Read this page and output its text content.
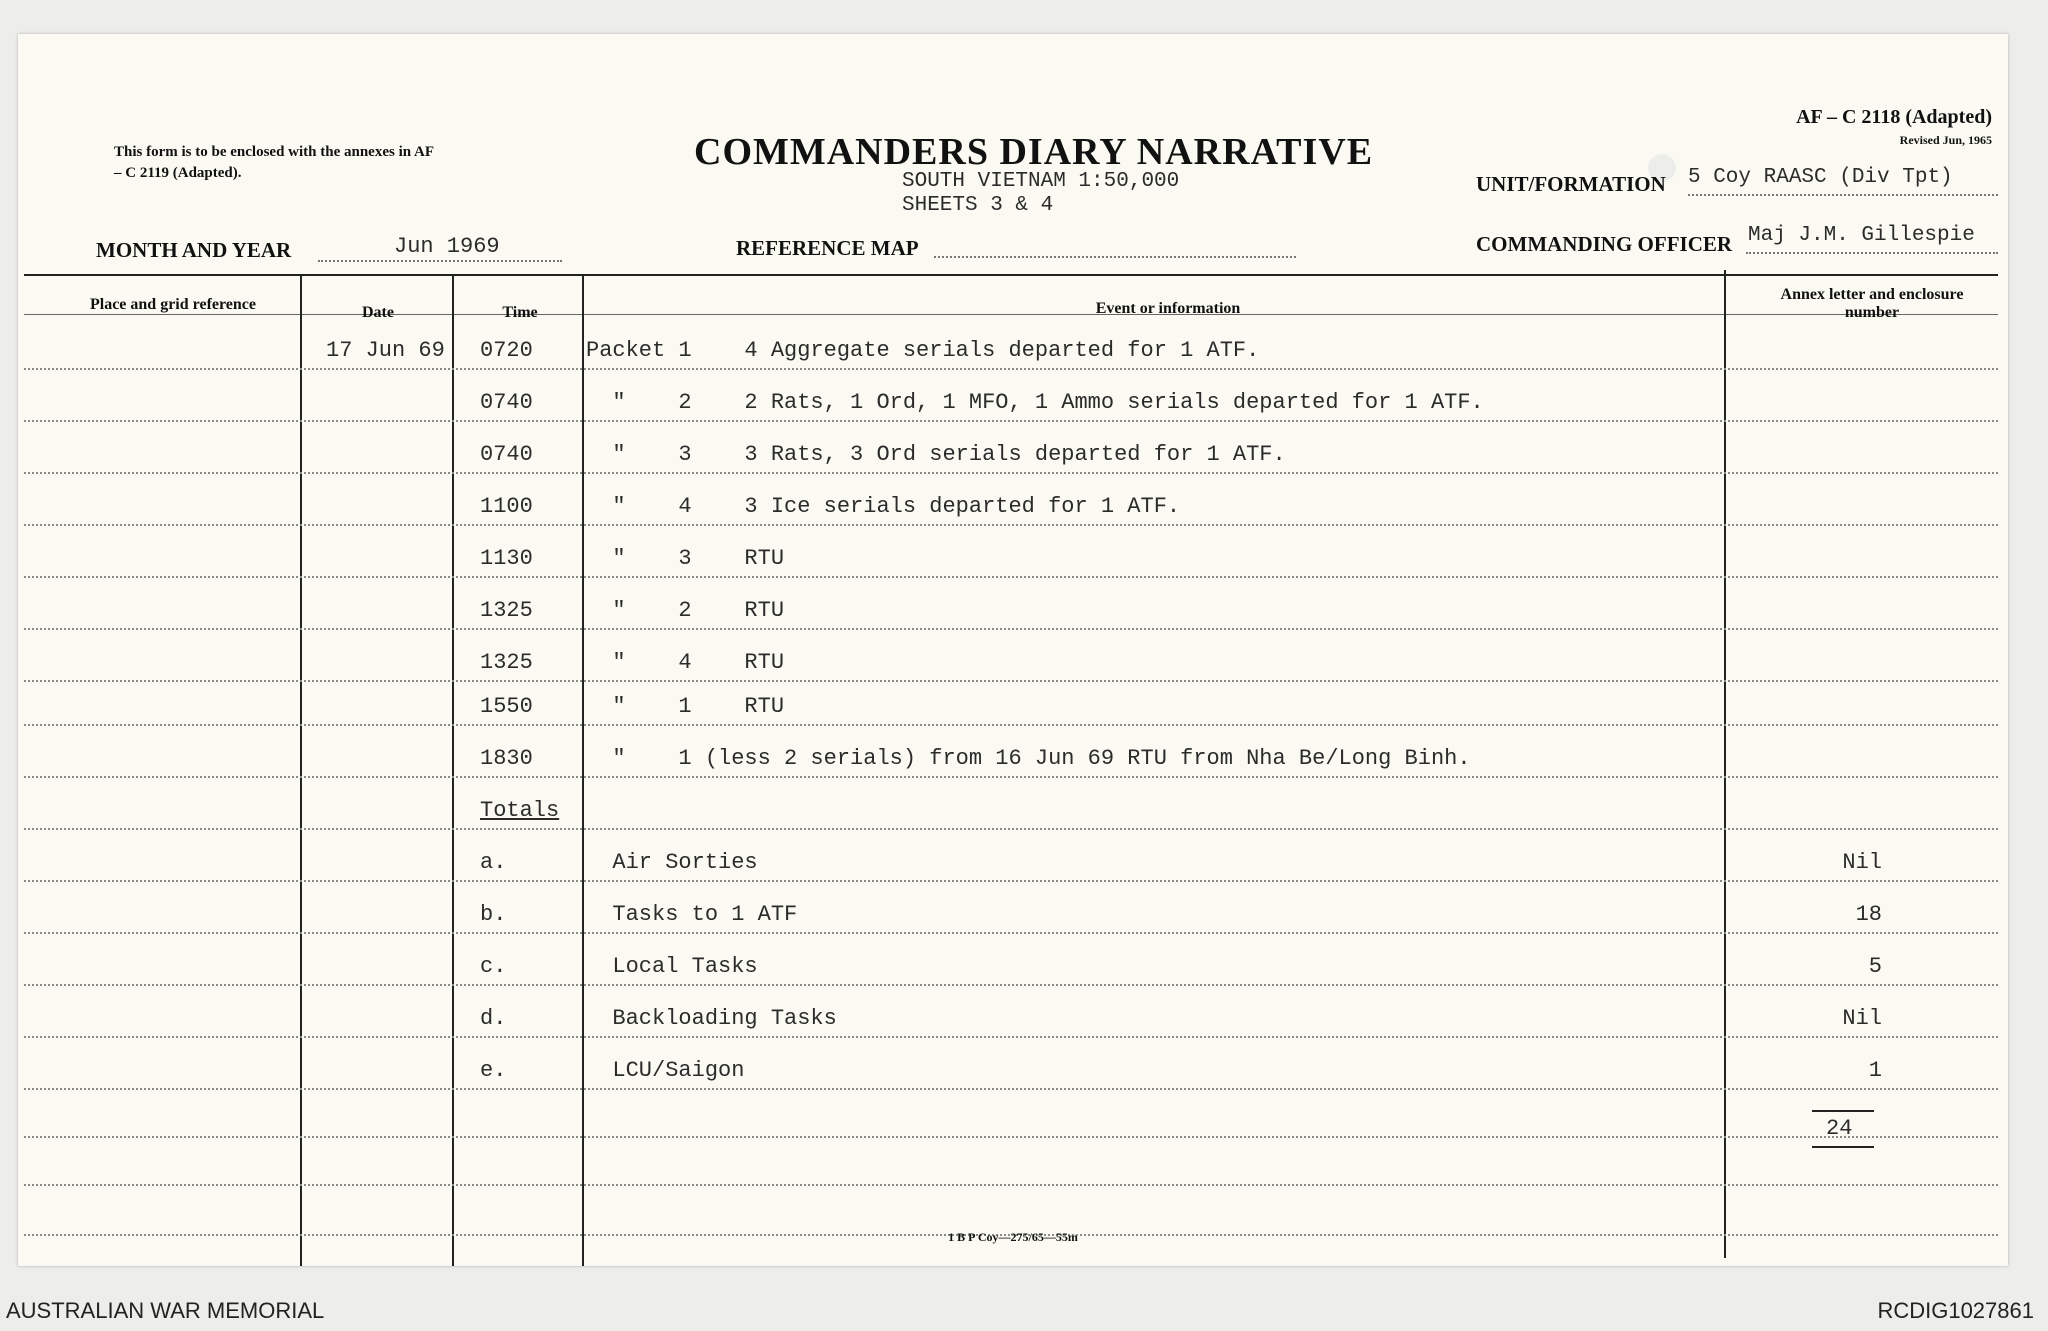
This form is to be enclosed with the annexes in AF – C 2119 (Adapted).	COMMANDERS DIARY NARRATIVE
AF – C 2118 (Adapted)
Revised Jun, 1965
SOUTH VIETNAM 1:50,000
SHEETS 3 & 4
UNIT/FORMATION 5 Coy RAASC (Div Tpt)
MONTH AND YEAR	Jun 1969	REFERENCE MAP	COMMANDING OFFICER Maj J.M. Gillespie
Place and grid reference	Date	Time	Event or information
Annex letter and enclosure number
17 Jun 69 0720 Packet 1    4 Aggregate serials departed for 1 ATF.
0740 "    2    2 Rats, 1 Ord, 1 MFO, 1 Ammo serials departed for 1 ATF.
0740 "    3    3 Rats, 3 Ord serials departed for 1 ATF.
1100 "    4    3 Ice serials departed for 1 ATF.
1130 "    3    RTU
1325 "    2    RTU
1325 "    4    RTU
1550 "    1    RTU
1830 "    1 (less 2 serials) from 16 Jun 69 RTU from Nha Be/Long Binh.
Totals
a.	Air Sorties	Nil
b.	Tasks to 1 ATF	18
c.	Local Tasks	5
d.	Backloading Tasks	Nil
e.	LCU/Saigon	1
24
1 B P Coy—275/65—55m
AUSTRALIAN WAR MEMORIAL	RCDIG1027861
